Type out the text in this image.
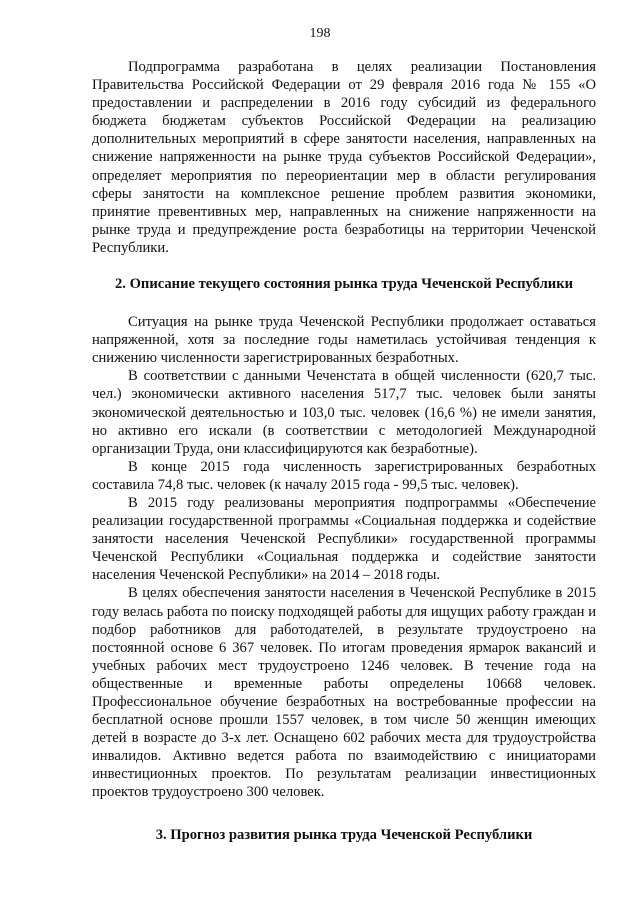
198

Подпрограмма разработана в целях реализации Постановления Правительства Российской Федерации от 29 февраля 2016 года № 155 «О предоставлении и распределении в 2016 году субсидий из федерального бюджета бюджетам субъектов Российской Федерации на реализацию дополнительных мероприятий в сфере занятости населения, направленных на снижение напряженности на рынке труда субъектов Российской Федерации», определяет мероприятия по переориентации мер в области регулирования сферы занятости на комплексное решение проблем развития экономики, принятие превентивных мер, направленных на снижение напряженности на рынке труда и предупреждение роста безработицы на территории Чеченской Республики.

2. Описание текущего состояния рынка труда Чеченской Республики

Ситуация на рынке труда Чеченской Республики продолжает оставаться напряженной, хотя за последние годы наметилась устойчивая тенденция к снижению численности зарегистрированных безработных.

В соответствии с данными Чеченстата в общей численности (620,7 тыс. чел.) экономически активного населения 517,7 тыс. человек были заняты экономической деятельностью и 103,0 тыс. человек (16,6 %) не имели занятия, но активно его искали (в соответствии с методологией Международной организации Труда, они классифицируются как безработные).

В конце 2015 года численность зарегистрированных безработных составила 74,8 тыс. человек (к началу 2015 года - 99,5 тыс. человек).

В 2015 году реализованы мероприятия подпрограммы «Обеспечение реализации государственной программы «Социальная поддержка и содействие занятости населения Чеченской Республики» государственной программы Чеченской Республики «Социальная поддержка и содействие занятости населения Чеченской Республики» на 2014 – 2018 годы.

В целях обеспечения занятости населения в Чеченской Республике в 2015 году велась работа по поиску подходящей работы для ищущих работу граждан и подбор работников для работодателей, в результате трудоустроено на постоянной основе 6 367 человек. По итогам проведения ярмарок вакансий и учебных рабочих мест трудоустроено 1246 человек. В течение года на общественные и временные работы определены 10668 человек. Профессиональное обучение безработных на востребованные профессии на бесплатной основе прошли 1557 человек, в том числе 50 женщин имеющих детей в возрасте до 3-х лет. Оснащено 602 рабочих места для трудоустройства инвалидов. Активно ведется работа по взаимодействию с инициаторами инвестиционных проектов. По результатам реализации инвестиционных проектов трудоустроено 300 человек.

3. Прогноз развития рынка труда Чеченской Республики
